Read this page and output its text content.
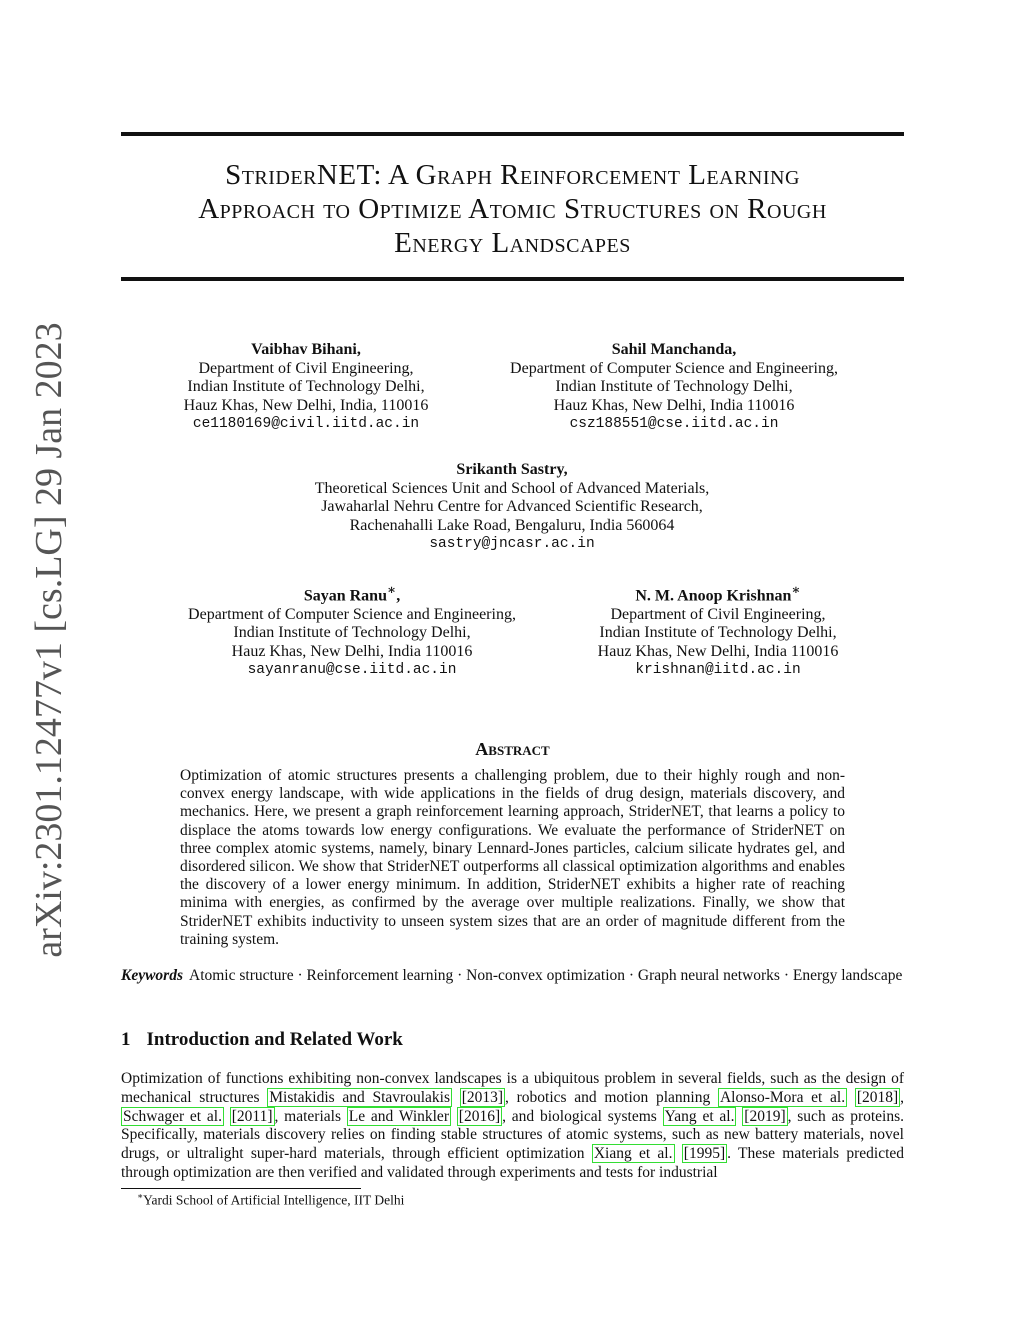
arXiv:2301.12477v1 [cs.LG] 29 Jan 2023
StriderNET: A Graph Reinforcement Learning
Approach to Optimize Atomic Structures on Rough
Energy Landscapes
Vaibhav Bihani,
Department of Civil Engineering,
Indian Institute of Technology Delhi,
Hauz Khas, New Delhi, India, 110016
ce1180169@civil.iitd.ac.in
Sahil Manchanda,
Department of Computer Science and Engineering,
Indian Institute of Technology Delhi,
Hauz Khas, New Delhi, India 110016
csz188551@cse.iitd.ac.in
Srikanth Sastry,
Theoretical Sciences Unit and School of Advanced Materials,
Jawaharlal Nehru Centre for Advanced Scientific Research,
Rachenahalli Lake Road, Bengaluru, India 560064
sastry@jncasr.ac.in
Sayan Ranu∗,
Department of Computer Science and Engineering,
Indian Institute of Technology Delhi,
Hauz Khas, New Delhi, India 110016
sayanranu@cse.iitd.ac.in
N. M. Anoop Krishnan∗
Department of Civil Engineering,
Indian Institute of Technology Delhi,
Hauz Khas, New Delhi, India 110016
krishnan@iitd.ac.in
Abstract
Optimization of atomic structures presents a challenging problem, due to their highly rough and non-convex energy landscape, with wide applications in the fields of drug design, materials discovery, and mechanics. Here, we present a graph reinforcement learning approach, StriderNET, that learns a policy to displace the atoms towards low energy configurations. We evaluate the performance of StriderNET on three complex atomic systems, namely, binary Lennard-Jones particles, calcium silicate hydrates gel, and disordered silicon. We show that StriderNET outperforms all classical optimization algorithms and enables the discovery of a lower energy minimum. In addition, StriderNET exhibits a higher rate of reaching minima with energies, as confirmed by the average over multiple realizations. Finally, we show that StriderNET exhibits inductivity to unseen system sizes that are an order of magnitude different from the training system.
Keywords Atomic structure · Reinforcement learning · Non-convex optimization · Graph neural networks · Energy landscape
1 Introduction and Related Work
Optimization of functions exhibiting non-convex landscapes is a ubiquitous problem in several fields, such as the design of mechanical structures Mistakidis and Stavroulakis [2013] , robotics and motion planning Alonso-Mora et al. [2018] , Schwager et al. [2011] , materials Le and Winkler [2016] , and biological systems Yang et al. [2019] , such as proteins. Specifically, materials discovery relies on finding stable structures of atomic systems, such as new battery materials, novel drugs, or ultralight super-hard materials, through efficient optimization Xiang et al. [1995] . These materials predicted through optimization are then verified and validated through experiments and tests for industrial
∗Yardi School of Artificial Intelligence, IIT Delhi
